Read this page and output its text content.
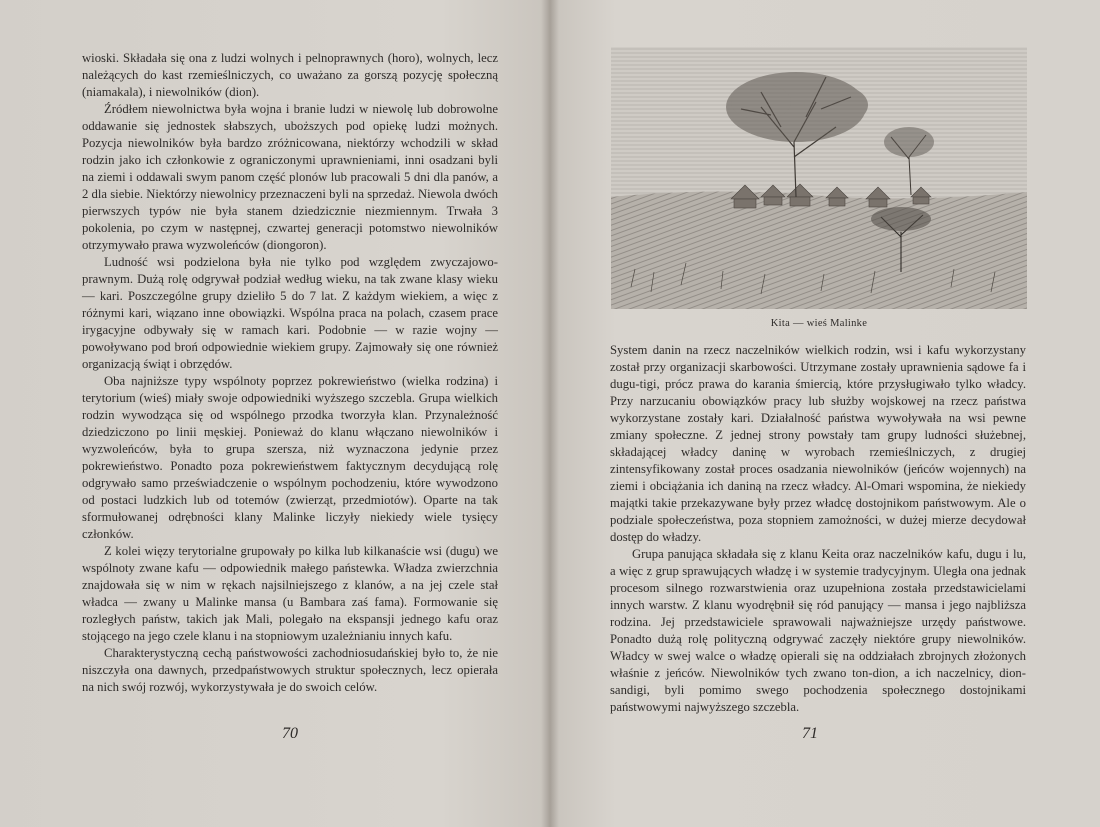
wioski. Składała się ona z ludzi wolnych i pelnoprawnych (horo), wolnych, lecz należących do kast rzemieślniczych, co uważano za gorszą pozycję społeczną (niamakala), i niewolników (dion).

Źródłem niewolnictwa była wojna i branie ludzi w niewolę lub dobrowolne oddawanie się jednostek słabszych, uboższych pod opiekę ludzi możnych. Pozycja niewolników była bardzo zróżnicowana, niektórzy wchodzili w skład rodzin jako ich członkowie z ograniczonymi uprawnieniami, inni osadzani byli na ziemi i oddawali swym panom część plonów lub pracowali 5 dni dla panów, a 2 dla siebie. Niektórzy niewolnicy przeznaczeni byli na sprzedaż. Niewola dwóch pierwszych typów nie była stanem dziedzicznie niezmiennym. Trwała 3 pokolenia, po czym w następnej, czwartej generacji potomstwo niewolników otrzymywało prawa wyzwoleńców (diongoron).

Ludność wsi podzielona była nie tylko pod względem zwyczajowo-prawnym. Dużą rolę odgrywał podział według wieku, na tak zwane klasy wieku — kari. Poszczególne grupy dzieliło 5 do 7 lat. Z każdym wiekiem, a więc z różnymi kari, wiązano inne obowiązki. Wspólna praca na polach, czasem prace irygacyjne odbywały się w ramach kari. Podobnie — w razie wojny — powoływano pod broń odpowiednie wiekiem grupy. Zajmowały się one również organizacją świąt i obrzędów.

Oba najniższe typy wspólnoty poprzez pokrewieństwo (wielka rodzina) i terytorium (wieś) miały swoje odpowiedniki wyższego szczebla. Grupa wielkich rodzin wywodząca się od wspólnego przodka tworzyła klan. Przynależność dziedziczono po linii męskiej. Ponieważ do klanu włączano niewolników i wyzwoleńców, była to grupa szersza, niż wyznaczona jedynie przez pokrewieństwo. Ponadto poza pokrewieństwem faktycznym decydującą rolę odgrywało samo przeświadczenie o wspólnym pochodzeniu, które wywodzono od postaci ludzkich lub od totemów (zwierząt, przedmiotów). Oparte na tak sformułowanej odrębności klany Malinke liczyły niekiedy wiele tysięcy członków.

Z kolei więzy terytorialne grupowały po kilka lub kilkanaście wsi (dugu) we wspólnoty zwane kafu — odpowiednik małego państewka. Władza zwierzchnia znajdowała się w nim w rękach najsilniejszego z klanów, a na jej czele stał władca — zwany u Malinke mansa (u Bambara zaś fama). Formowanie się rozległych państw, takich jak Mali, polegało na ekspansji jednego kafu oraz stojącego na jego czele klanu i na stopniowym uzależnianiu innych kafu.

Charakterystyczną cechą państwowości zachodniosudańskiej było to, że nie niszczyła ona dawnych, przedpaństwowych struktur społecznych, lecz opierała na nich swój rozwój, wykorzystywała je do swoich celów.

70
Kita — wieś Malinke

System danin na rzecz naczelników wielkich rodzin, wsi i kafu wykorzystany został przy organizacji skarbowości. Utrzymane zostały uprawnienia sądowe fa i dugu-tigi, prócz prawa do karania śmiercią, które przysługiwało tylko władcy. Przy narzucaniu obowiązków pracy lub służby wojskowej na rzecz państwa wykorzystane zostały kari. Działalność państwa wywoływała na wsi pewne zmiany społeczne. Z jednej strony powstały tam grupy ludności służebnej, składającej władcy daninę w wyrobach rzemieślniczych, z drugiej zintensyfikowany został proces osadzania niewolników (jeńców wojennych) na ziemi i obciążania ich daniną na rzecz władcy. Al-Omari wspomina, że niekiedy majątki takie przekazywane były przez władcę dostojnikom państwowym. Ale o podziale społeczeństwa, poza stopniem zamożności, w dużej mierze decydował dostęp do władzy.

Grupa panująca składała się z klanu Keita oraz naczelników kafu, dugu i lu, a więc z grup sprawujących władzę i w systemie tradycyjnym. Uległa ona jednak procesom silnego rozwarstwienia oraz uzupełniona została przedstawicielami innych warstw. Z klanu wyodrębnił się ród panujący — mansa i jego najbliższa rodzina. Jej przedstawiciele sprawowali najważniejsze urzędy państwowe. Ponadto dużą rolę polityczną odgrywać zaczęły niektóre grupy niewolników. Władcy w swej walce o władzę opierali się na oddziałach zbrojnych złożonych właśnie z jeńców. Niewolników tych zwano ton-dion, a ich naczelnicy, dion-sandigi, byli pomimo swego pochodzenia społecznego dostojnikami państwowymi najwyższego szczebla.

71
